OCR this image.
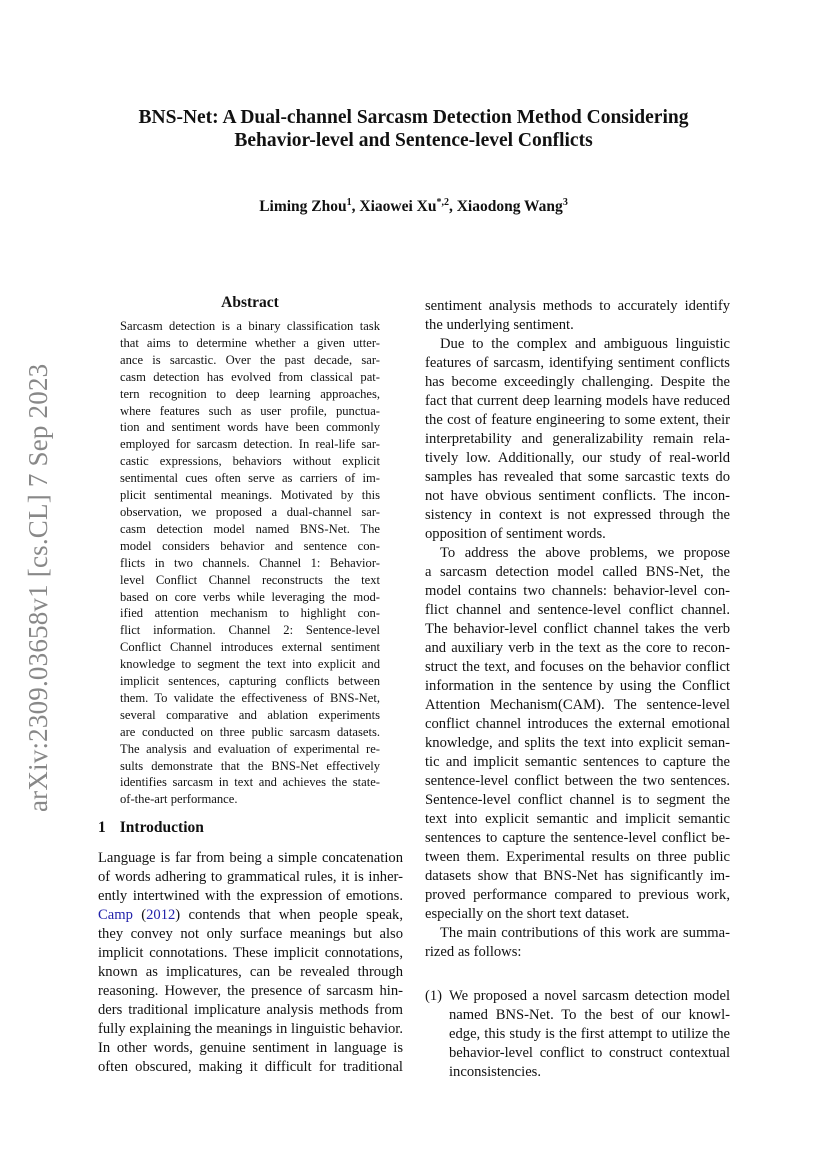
arXiv:2309.03658v1 [cs.CL] 7 Sep 2023
BNS-Net: A Dual-channel Sarcasm Detection Method Considering
Behavior-level and Sentence-level Conflicts
Liming Zhou$^1$, Xiaowei $Xu^{*,2}$, Xiaodong Wang$^3$
Abstract
Sarcasm detection is a binary classification task
that aims to determine whether a given utter-
ance is sarcastic. Over the past decade, sar-
casm detection has evolved from classical pat-
tern recognition to deep learning approaches,
where features such as user profile, punctua-
tion and sentiment words have been commonly
employed for sarcasm detection. In real-life sar-
castic expressions, behaviors without explicit
sentimental cues often serve as carriers of im-
plicit sentimental meanings. Motivated by this
observation, we proposed a dual-channel sar-
casm detection model named BNS-Net. The
model considers behavior and sentence con-
flicts in two channels. Channel 1: Behavior-
level Conflict Channel reconstructs the text
based on core verbs while leveraging the mod-
ified attention mechanism to highlight con-
flict information. Channel 2: Sentence-level
Conflict Channel introduces external sentiment
knowledge to segment the text into explicit and
implicit sentences, capturing conflicts between
them. To validate the effectiveness of BNS-Net,
several comparative and ablation experiments
are conducted on three public sarcasm datasets.
The analysis and evaluation of experimental re-
sults demonstrate that the BNS-Net effectively
identifies sarcasm in text and achieves the state-
of-the-art performance.
1 Introduction
Language is far from being a simple concatenation
of words adhering to grammatical rules, it is inher-
ently intertwined with the expression of emotions.
Camp (2012) contends that when people speak,
they convey not only surface meanings but also
implicit connotations. These implicit connotations,
known as implicatures, can be revealed through
reasoning. However, the presence of sarcasm hin-
ders traditional implicature analysis methods from
fully explaining the meanings in linguistic behavior.
In other words, genuine sentiment in language is
often obscured, making it difficult for traditional
sentiment analysis methods to accurately identify
the underlying sentiment.
Due to the complex and ambiguous linguistic
features of sarcasm, identifying sentiment conflicts
has become exceedingly challenging. Despite the
fact that current deep learning models have reduced
the cost of feature engineering to some extent, their
interpretability and generalizability remain rela-
tively low. Additionally, our study of real-world
samples has revealed that some sarcastic texts do
not have obvious sentiment conflicts. The incon-
sistency in context is not expressed through the
opposition of sentiment words.
To address the above problems, we propose
a sarcasm detection model called BNS-Net, the
model contains two channels: behavior-level con-
flict channel and sentence-level conflict channel.
The behavior-level conflict channel takes the verb
and auxiliary verb in the text as the core to recon-
struct the text, and focuses on the behavior conflict
information in the sentence by using the Conflict
Attention Mechanism(CAM). The sentence-level
conflict channel introduces the external emotional
knowledge, and splits the text into explicit seman-
tic and implicit semantic sentences to capture the
sentence-level conflict between the two sentences.
Sentence-level conflict channel is to segment the
text into explicit semantic and implicit semantic
sentences to capture the sentence-level conflict be-
tween them. Experimental results on three public
datasets show that BNS-Net has significantly im-
proved performance compared to previous work,
especially on the short text dataset.
The main contributions of this work are summa-
rized as follows:
(1) We proposed a novel sarcasm detection model
named BNS-Net. To the best of our knowl-
edge, this study is the first attempt to utilize the
behavior-level conflict to construct contextual
inconsistencies.
